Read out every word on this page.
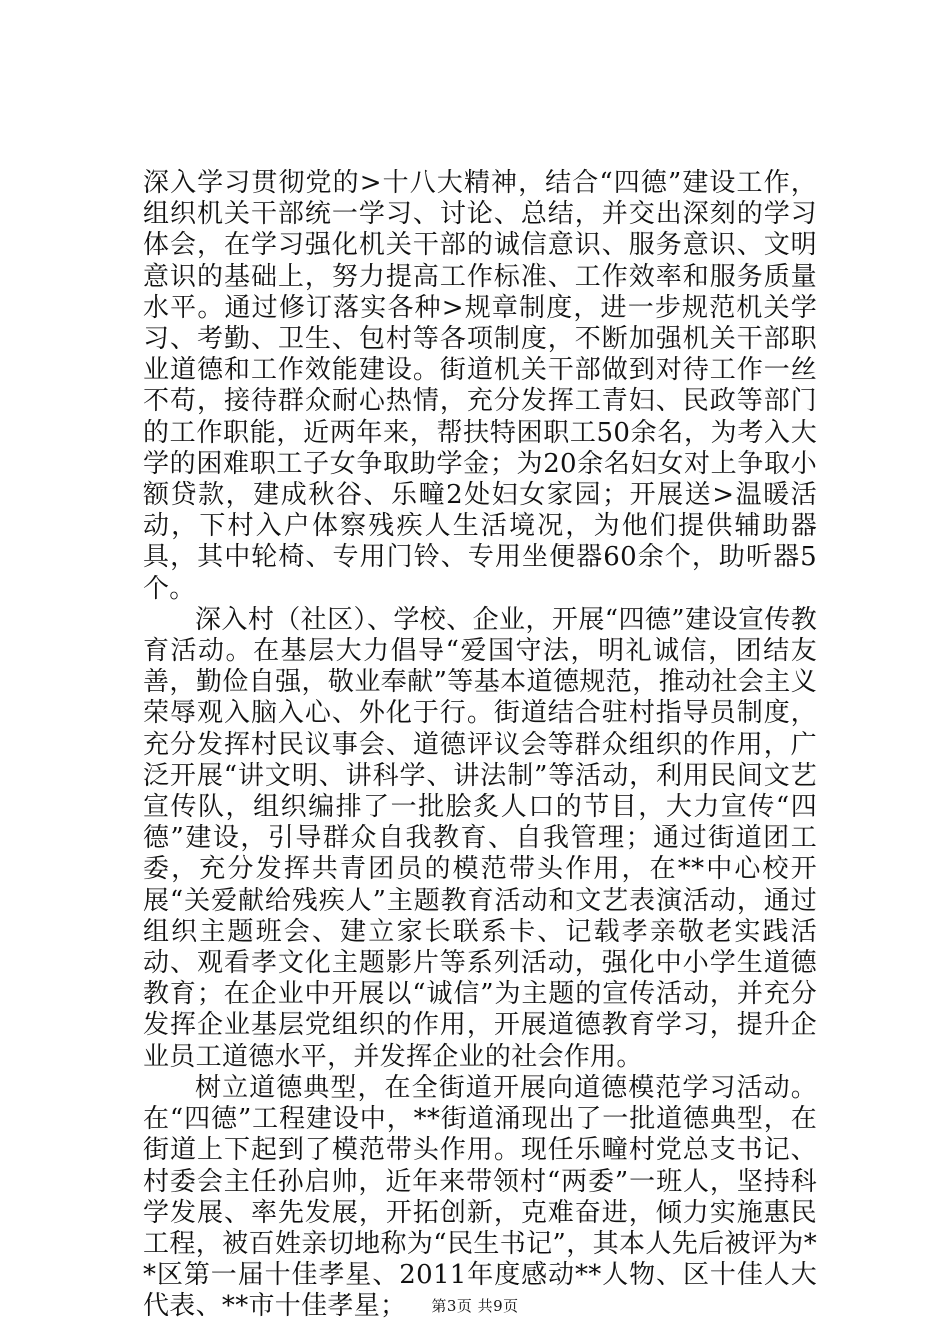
深入学习贯彻党的>十八大精神，结合“四德”建设工作，组织机关干部统一学习、讨论、总结，并交出深刻的学习体会，在学习强化机关干部的诚信意识、服务意识、文明意识的基础上，努力提高工作标准、工作效率和服务质量水平。通过修订落实各种>规章制度，进一步规范机关学习、考勤、卫生、包村等各项制度，不断加强机关干部职业道德和工作效能建设。街道机关干部做到对待工作一丝不苟，接待群众耐心热情，充分发挥工青妇、民政等部门的工作职能，近两年来，帮扶特困职工50余名，为考入大学的困难职工子女争取助学金；为20余名妇女对上争取小额贷款，建成秋谷、乐疃2处妇女家园；开展送>温暖活动，下村入户体察残疾人生活境况，为他们提供辅助器具，其中轮椅、专用门铃、专用坐便器60余个，助听器5个。

深入村（社区）、学校、企业，开展“四德”建设宣传教育活动。在基层大力倡导“爱国守法，明礼诚信，团结友善，勤俭自强，敬业奉献”等基本道德规范，推动社会主义荣辱观入脑入心、外化于行。街道结合驻村指导员制度，充分发挥村民议事会、道德评议会等群众组织的作用，广泛开展“讲文明、讲科学、讲法制”等活动，利用民间文艺宣传队，组织编排了一批脍炙人口的节目，大力宣传“四德”建设，引导群众自我教育、自我管理；通过街道团工委，充分发挥共青团员的模范带头作用，在**中心校开展“关爱献给残疾人”主题教育活动和文艺表演活动，通过组织主题班会、建立家长联系卡、记载孝亲敬老实践活动、观看孝文化主题影片等系列活动，强化中小学生道德教育；在企业中开展以“诚信”为主题的宣传活动，并充分发挥企业基层党组织的作用，开展道德教育学习，提升企业员工道德水平，并发挥企业的社会作用。

树立道德典型，在全街道开展向道德模范学习活动。在“四德”工程建设中，**街道涌现出了一批道德典型，在街道上下起到了模范带头作用。现任乐疃村党总支书记、村委会主任孙启帅，近年来带领村“两委”一班人，坚持科学发展、率先发展，开拓创新，克难奋进，倾力实施惠民工程，被百姓亲切地称为“民生书记”，其本人先后被评为**区第一届十佳孝星、2011年度感动**人物、区十佳人大代表、**市十佳孝星；	第3页 共9页
